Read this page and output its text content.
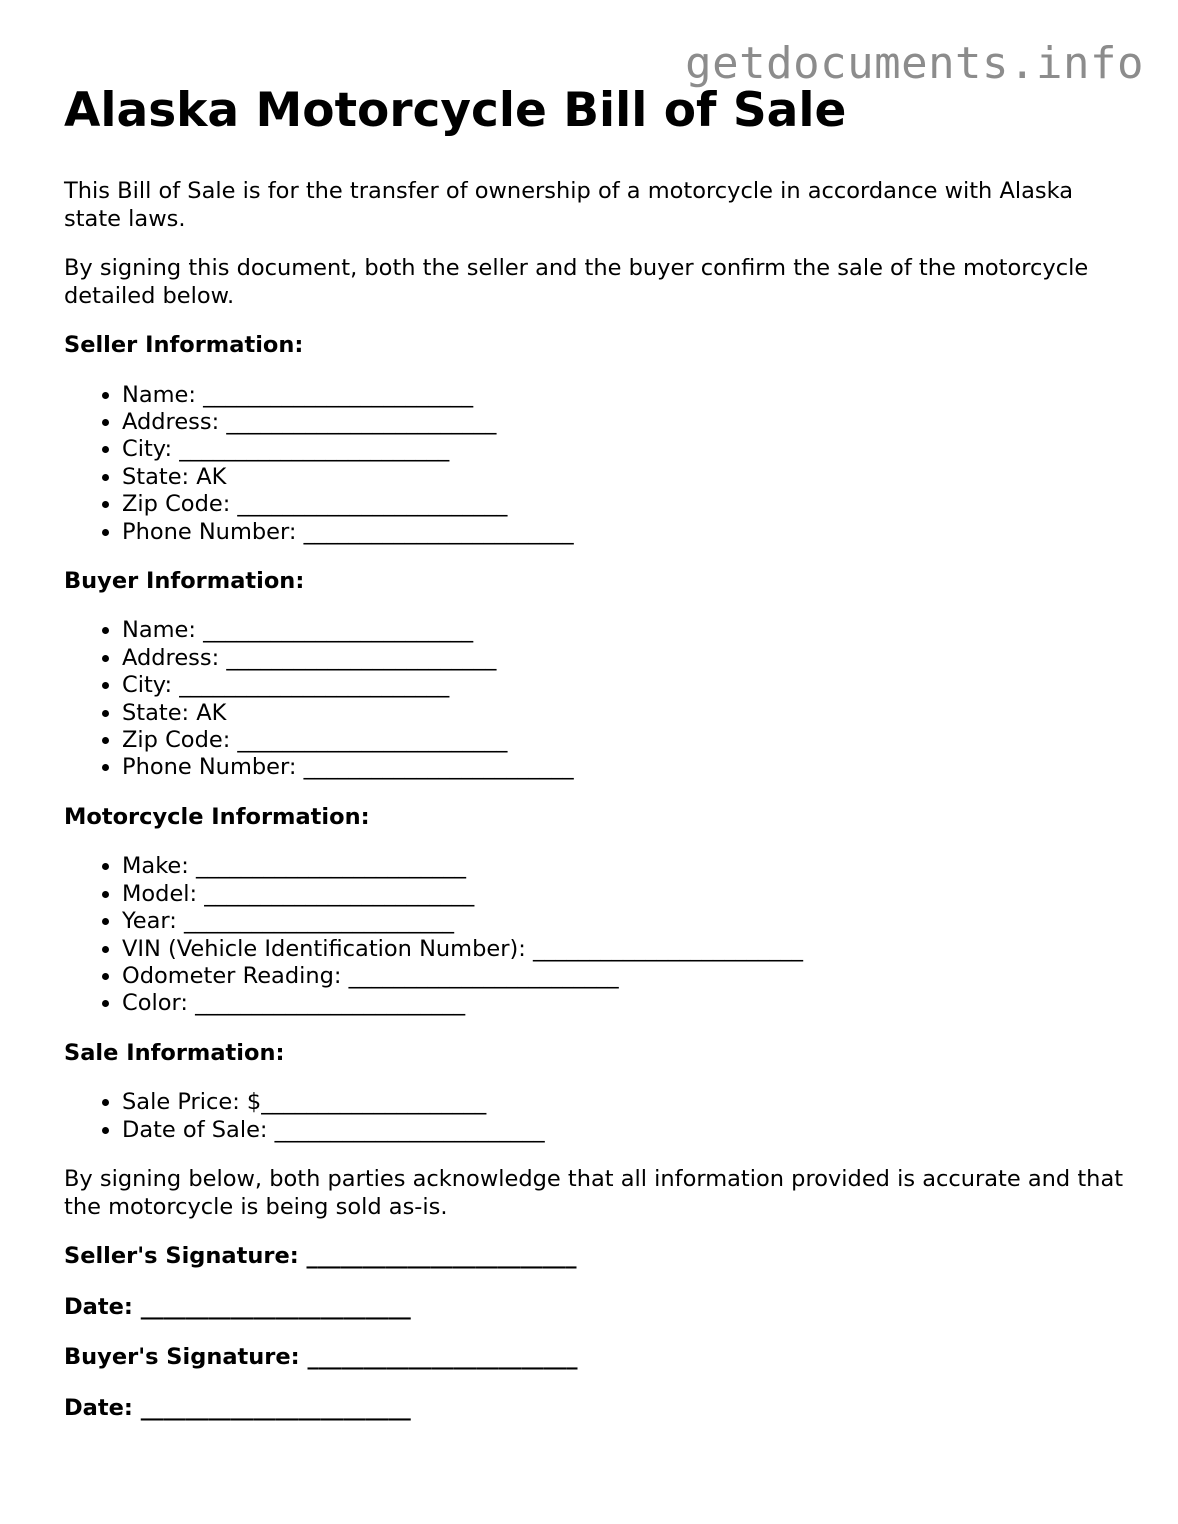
getdocuments.info
Alaska Motorcycle Bill of Sale

This Bill of Sale is for the transfer of ownership of a motorcycle in accordance with Alaska state laws.

By signing this document, both the seller and the buyer confirm the sale of the motorcycle detailed below.

Seller Information:
• Name: ________________________
• Address: ________________________
• City: ________________________
• State: AK
• Zip Code: ________________________
• Phone Number: ________________________
Buyer Information:
• Name: ________________________
• Address: ________________________
• City: ________________________
• State: AK
• Zip Code: ________________________
• Phone Number: ________________________
Motorcycle Information:
• Make: ________________________
• Model: ________________________
• Year: ________________________
• VIN (Vehicle Identification Number): ________________________
• Odometer Reading: ________________________
• Color: ________________________
Sale Information:
• Sale Price: $____________________
• Date of Sale: ________________________

By signing below, both parties acknowledge that all information provided is accurate and that the motorcycle is being sold as-is.

Seller's Signature: ________________________
Date: ________________________
Buyer's Signature: ________________________
Date: ________________________
